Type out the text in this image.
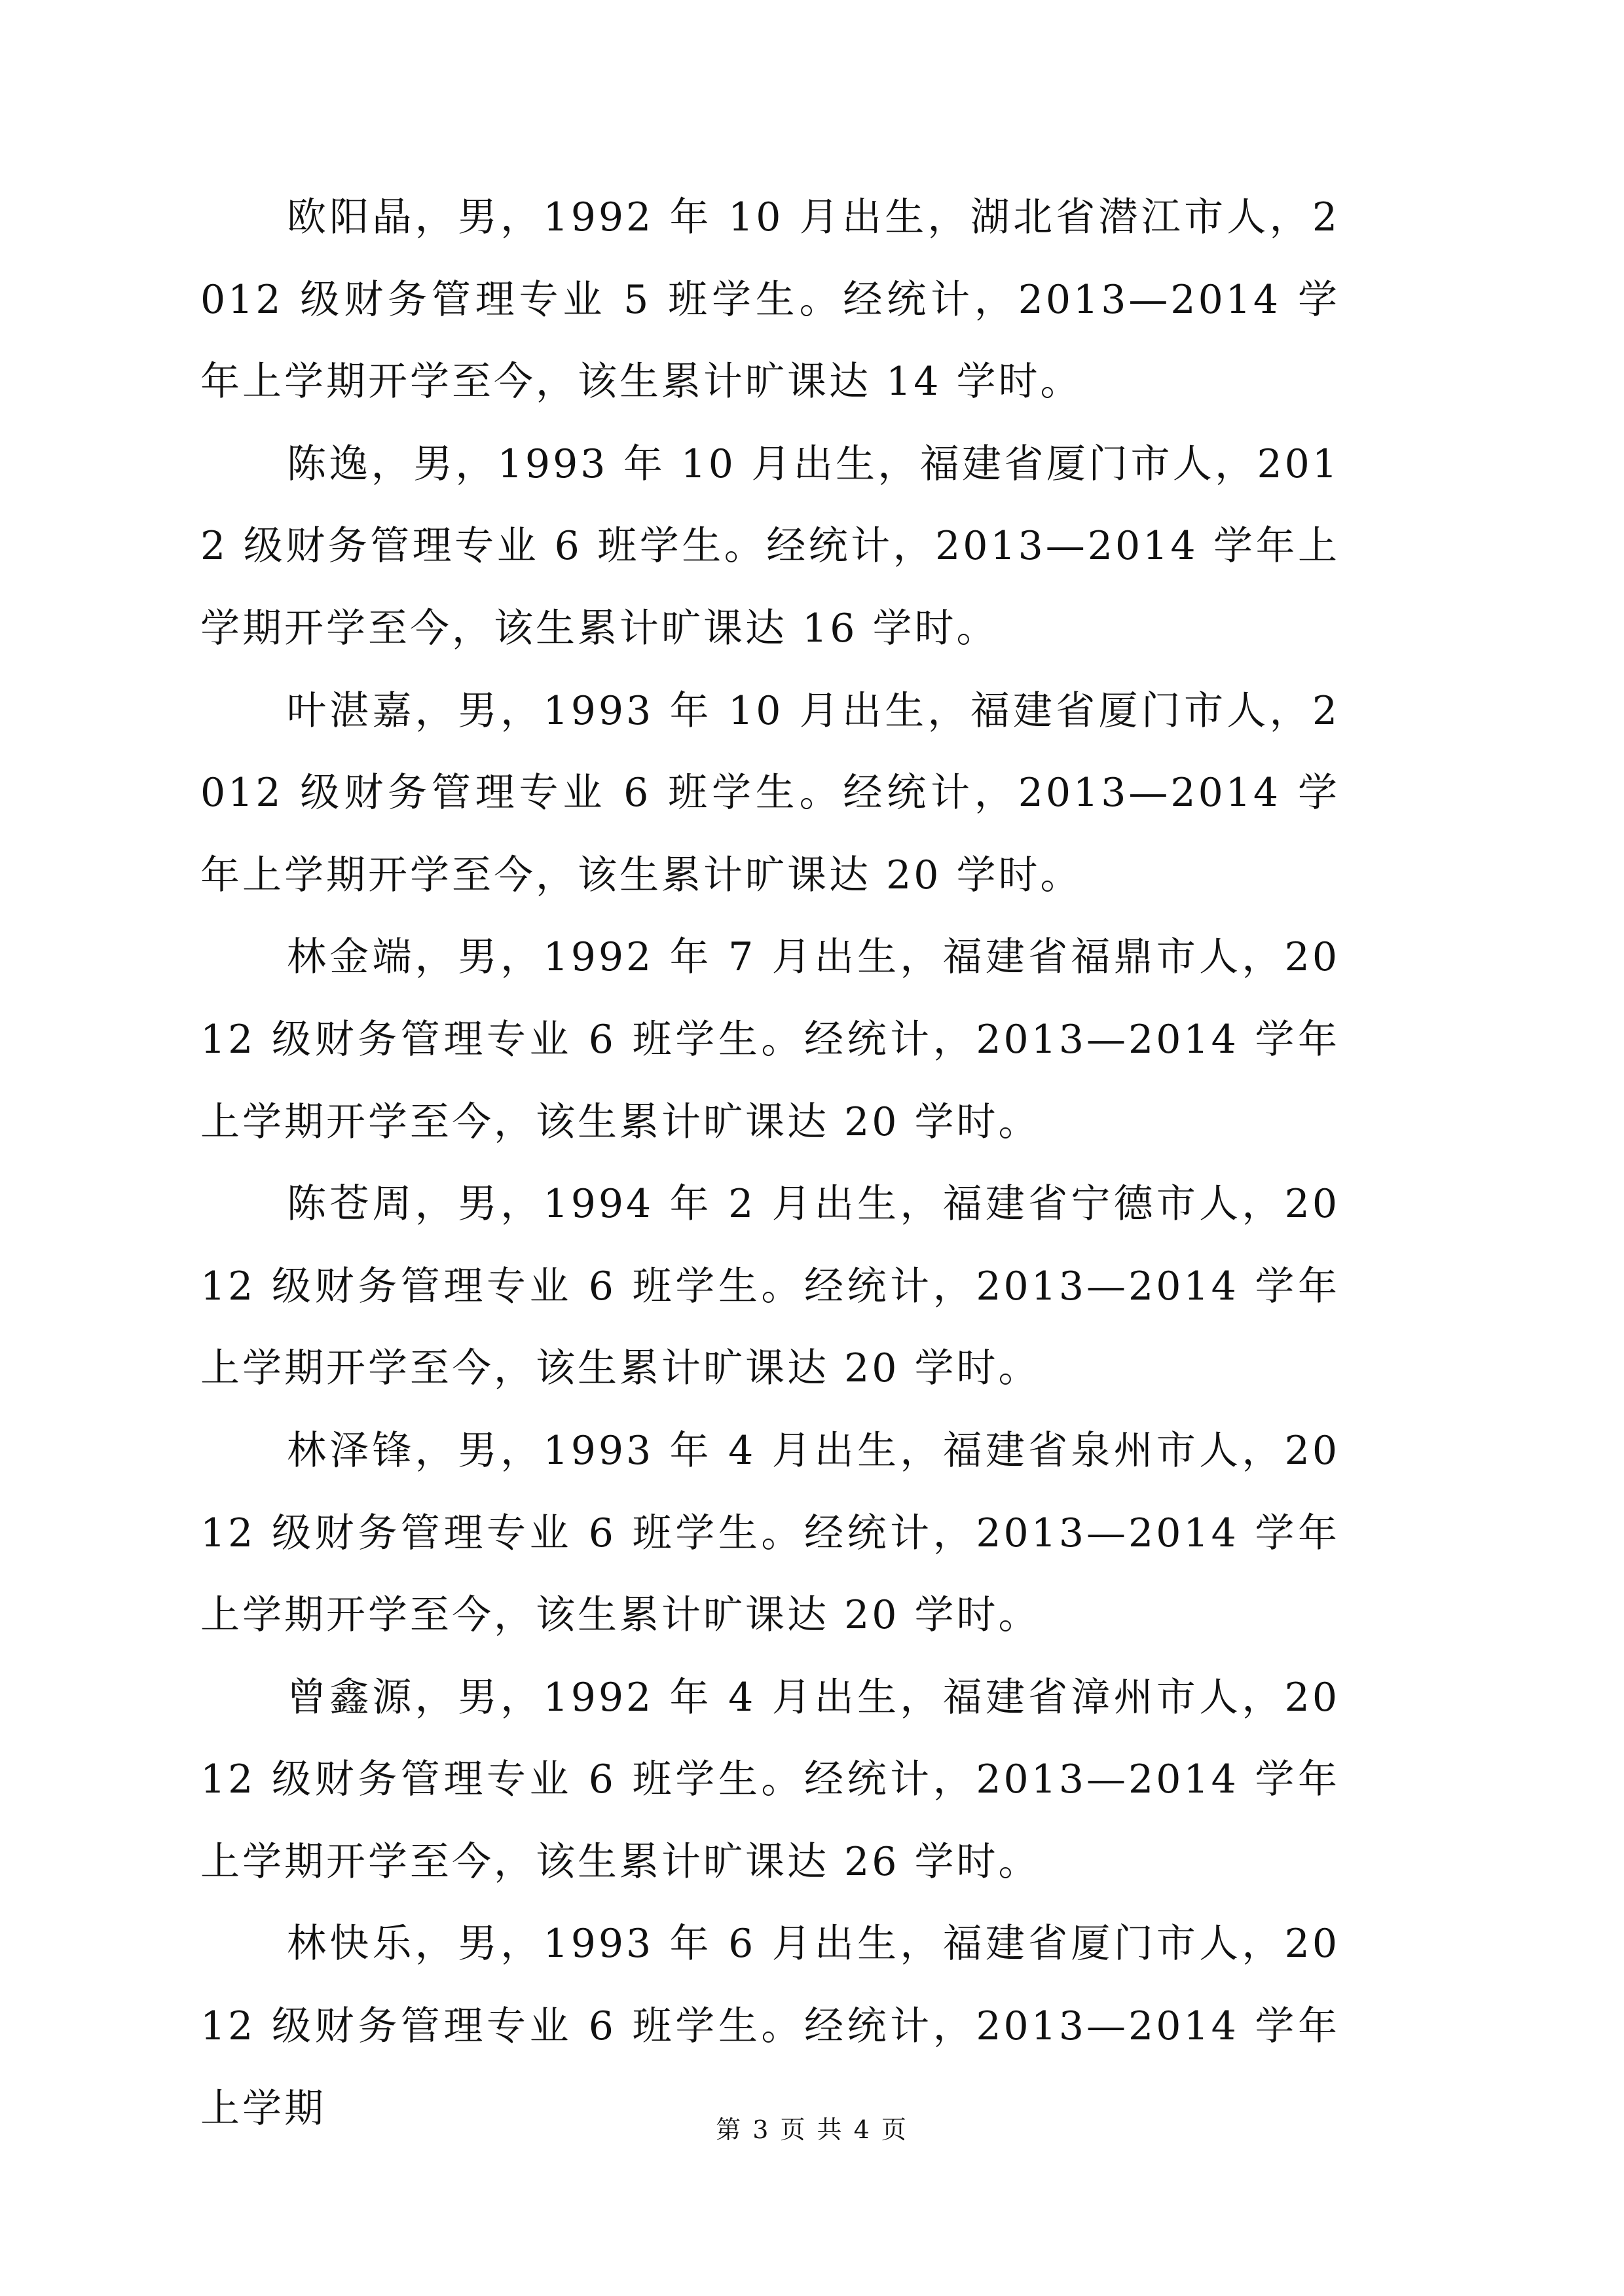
欧阳晶，男，1992 年 10 月出生，湖北省潜江市人，2012 级财务管理专业 5 班学生。经统计，2013—2014 学年上学期开学至今，该生累计旷课达 14 学时。

陈逸，男，1993 年 10 月出生，福建省厦门市人，2012 级财务管理专业 6 班学生。经统计，2013—2014 学年上学期开学至今，该生累计旷课达 16 学时。

叶湛嘉，男，1993 年 10 月出生，福建省厦门市人，2012 级财务管理专业 6 班学生。经统计，2013—2014 学年上学期开学至今，该生累计旷课达 20 学时。

林金端，男，1992 年 7 月出生，福建省福鼎市人，2012 级财务管理专业 6 班学生。经统计，2013—2014 学年上学期开学至今，该生累计旷课达 20 学时。

陈苍周，男，1994 年 2 月出生，福建省宁德市人，2012 级财务管理专业 6 班学生。经统计，2013—2014 学年上学期开学至今，该生累计旷课达 20 学时。

林泽锋，男，1993 年 4 月出生，福建省泉州市人，2012 级财务管理专业 6 班学生。经统计，2013—2014 学年上学期开学至今，该生累计旷课达 20 学时。

曾鑫源，男，1992 年 4 月出生，福建省漳州市人，2012 级财务管理专业 6 班学生。经统计，2013—2014 学年上学期开学至今，该生累计旷课达 26 学时。

林快乐，男，1993 年 6 月出生，福建省厦门市人，2012 级财务管理专业 6 班学生。经统计，2013—2014 学年上学期	第 3 页 共 4 页
